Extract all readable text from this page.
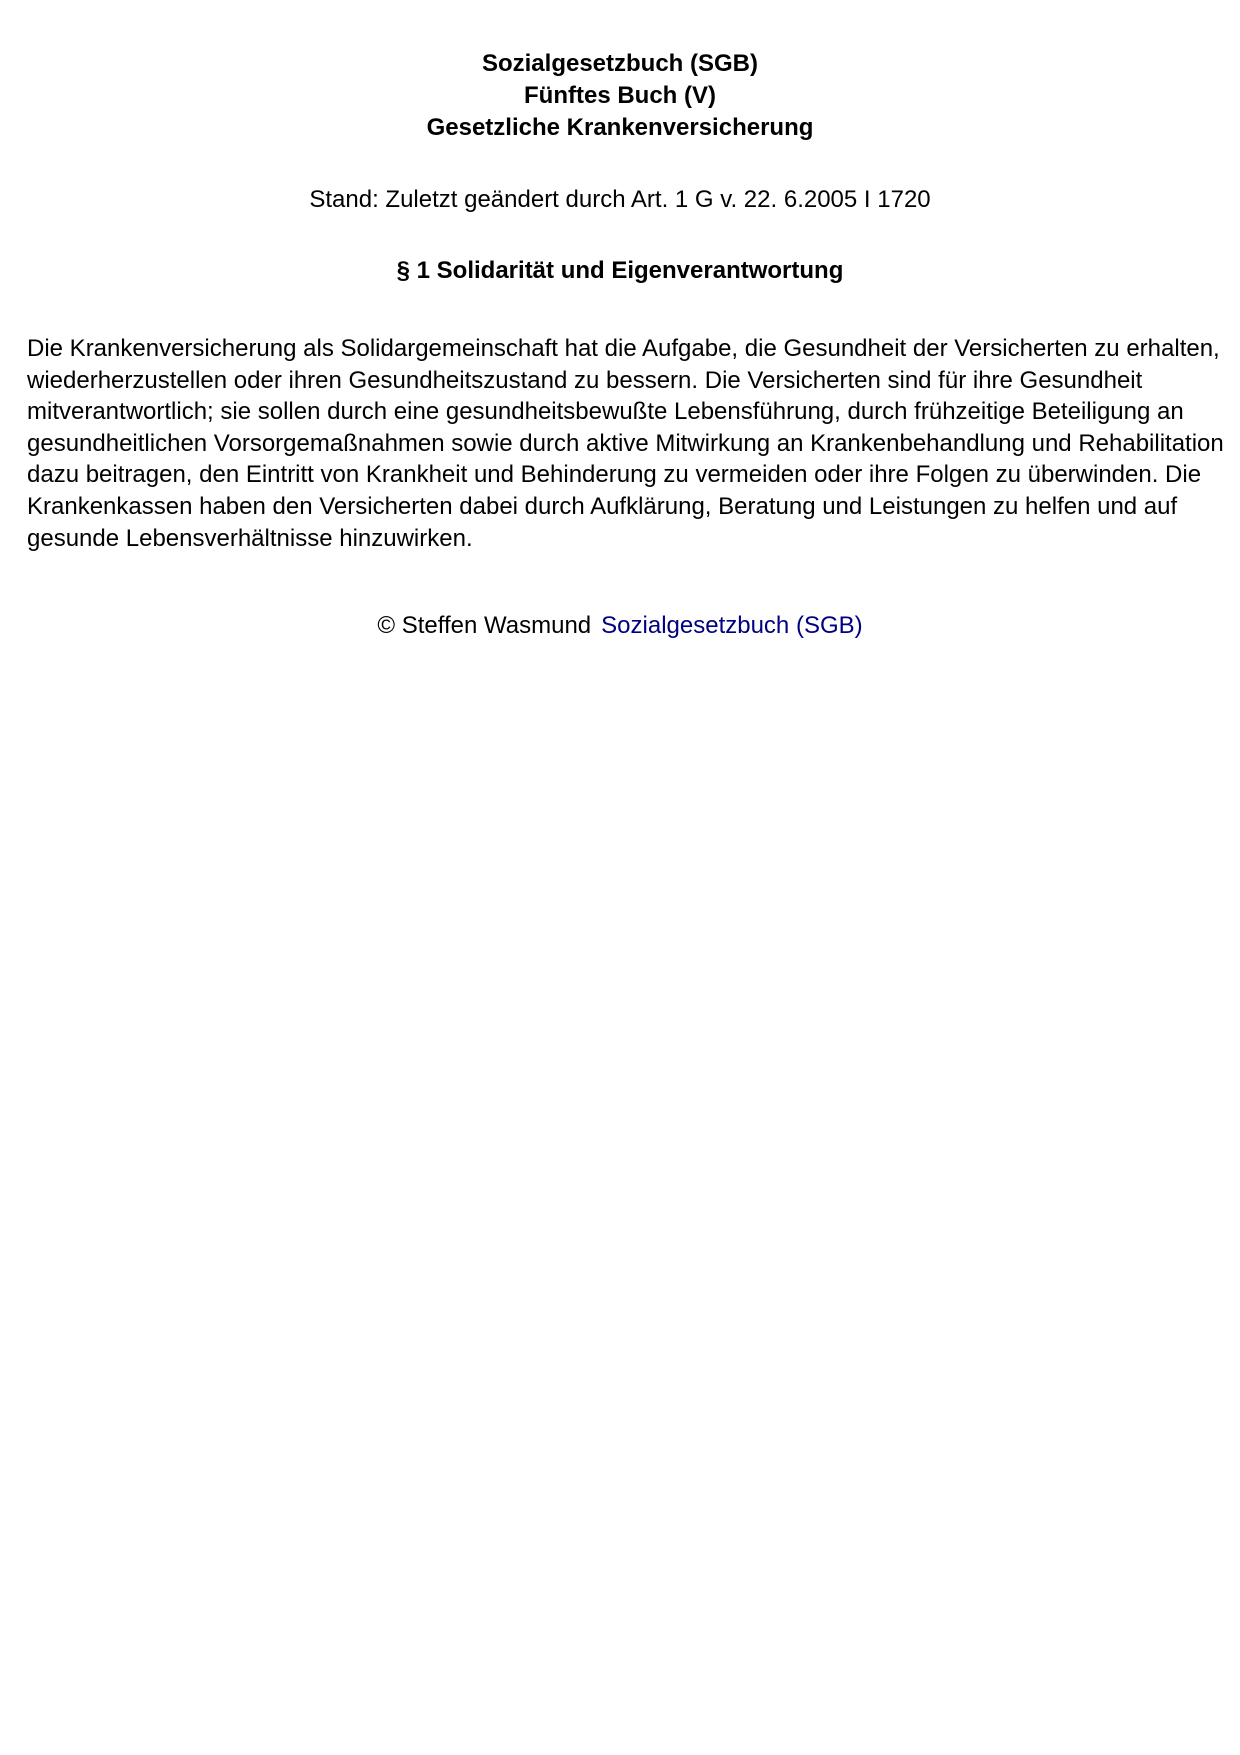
Sozialgesetzbuch (SGB)
Fünftes Buch (V)
Gesetzliche Krankenversicherung
Stand: Zuletzt geändert durch Art. 1 G v. 22. 6.2005 I 1720
§ 1 Solidarität und Eigenverantwortung

Die Krankenversicherung als Solidargemeinschaft hat die Aufgabe, die Gesundheit der Versicherten zu erhalten, wiederherzustellen oder ihren Gesundheitszustand zu bessern. Die Versicherten sind für ihre Gesundheit mitverantwortlich; sie sollen durch eine gesundheitsbewußte Lebensführung, durch frühzeitige Beteiligung an gesundheitlichen Vorsorgemaßnahmen sowie durch aktive Mitwirkung an Krankenbehandlung und Rehabilitation dazu beitragen, den Eintritt von Krankheit und Behinderung zu vermeiden oder ihre Folgen zu überwinden. Die Krankenkassen haben den Versicherten dabei durch Aufklärung, Beratung und Leistungen zu helfen und auf gesunde Lebensverhältnisse hinzuwirken.

© Steffen Wasmund Sozialgesetzbuch (SGB)
